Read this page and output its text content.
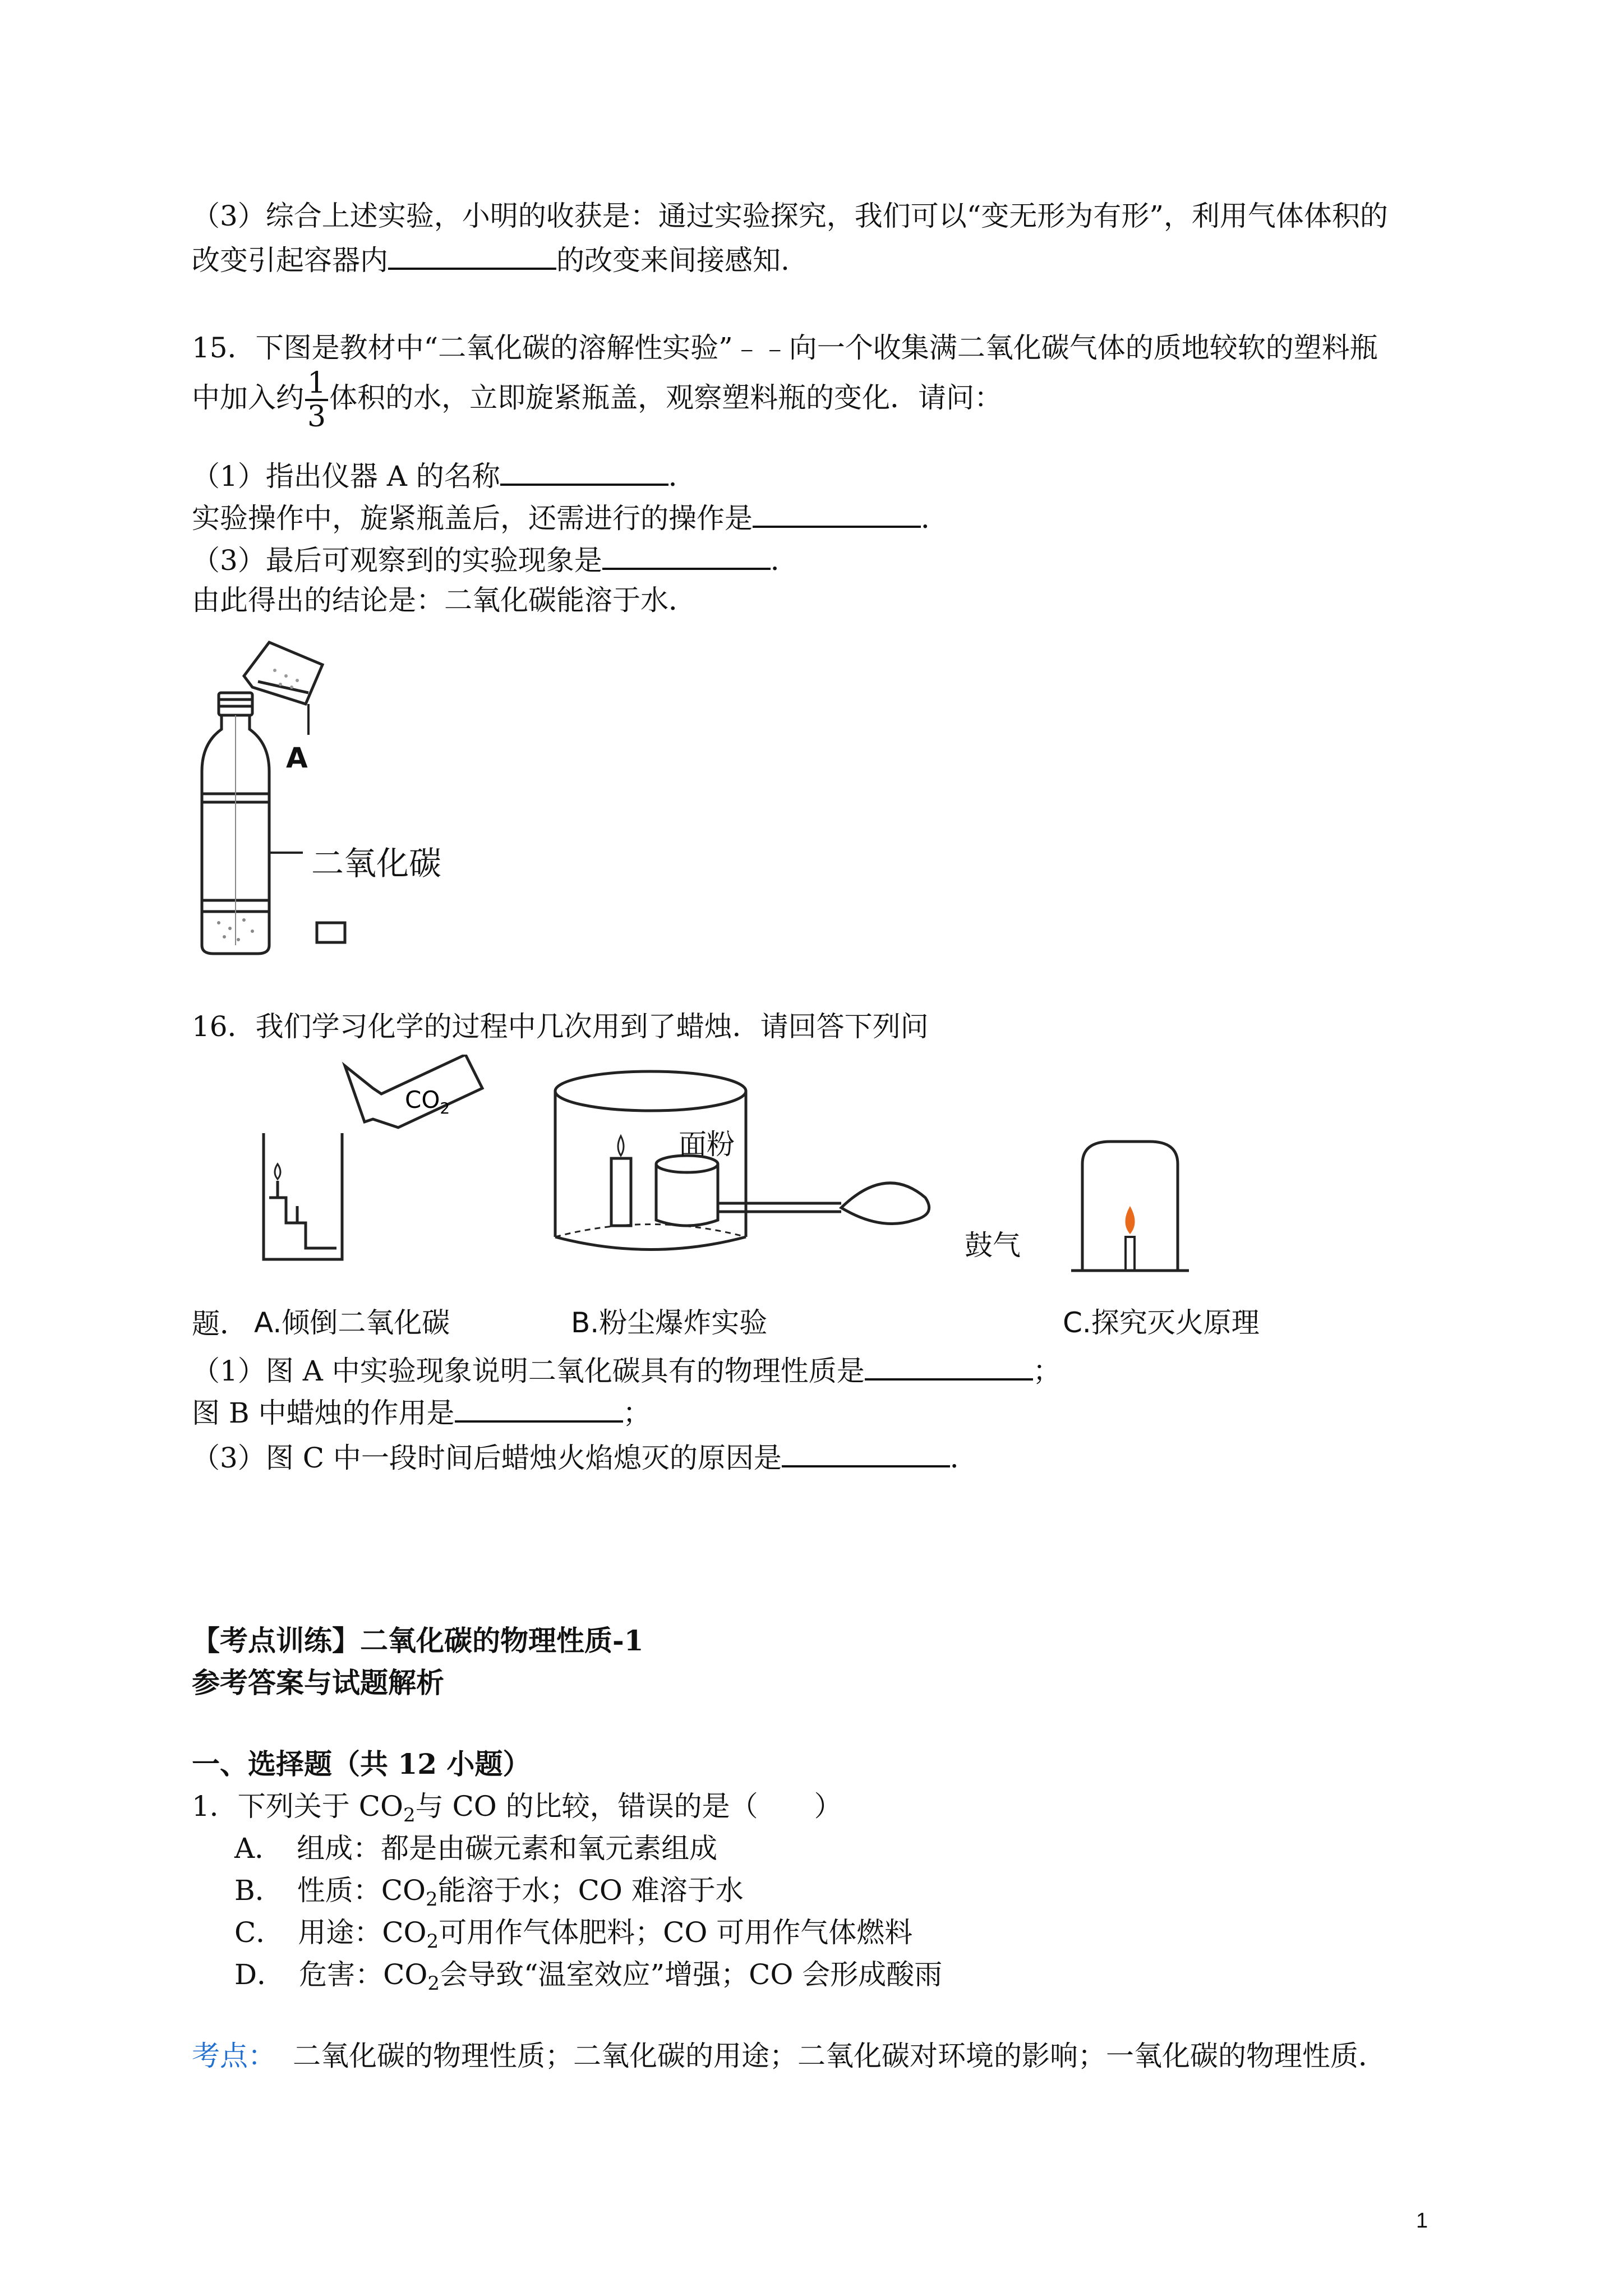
（3）综合上述实验，小明的收获是：通过实验探究，我们可以“变无形为有形”，利用气体体积的
改变引起容器内	的改变来间接感知.
15．下图是教材中“二氧化碳的溶解性实验”﹣﹣向一个收集满二氧化碳气体的质地较软的塑料瓶
中加入约 $\frac{1}{3}$ 体积的水，立即旋紧瓶盖，观察塑料瓶的变化．请问：
（1）指出仪器 A 的名称	．
实验操作中，旋紧瓶盖后，还需进行的操作是	．
（3）最后可观察到的实验现象是	．
由此得出的结论是：二氧化碳能溶于水．
A
二氧化碳
16．我们学习化学的过程中几次用到了蜡烛．请回答下列问
$CO_2$
面粉
鼓气
题． A.倾倒二氧化碳	B.粉尘爆炸实验	C.探究灭火原理
（1）图 A 中实验现象说明二氧化碳具有的物理性质是	；
图 B 中蜡烛的作用是	；
（3）图 C 中一段时间后蜡烛火焰熄灭的原因是	．
【考点训练】二氧化碳的物理性质-1
参考答案与试题解析
一、选择题（共 12 小题）
1．下列关于 $CO_2$与 CO 的比较，错误的是（　　）
A．　组成：都是由碳元素和氧元素组成
B．　性质：$CO_2$能溶于水；CO 难溶于水
C．　用途：$CO_2$可用作气体肥料；CO 可用作气体燃料
D．　危害：$CO_2$会导致“温室效应”增强；CO 会形成酸雨
考点： 二氧化碳的物理性质；二氧化碳的用途；二氧化碳对环境的影响；一氧化碳的物理性质．
1
